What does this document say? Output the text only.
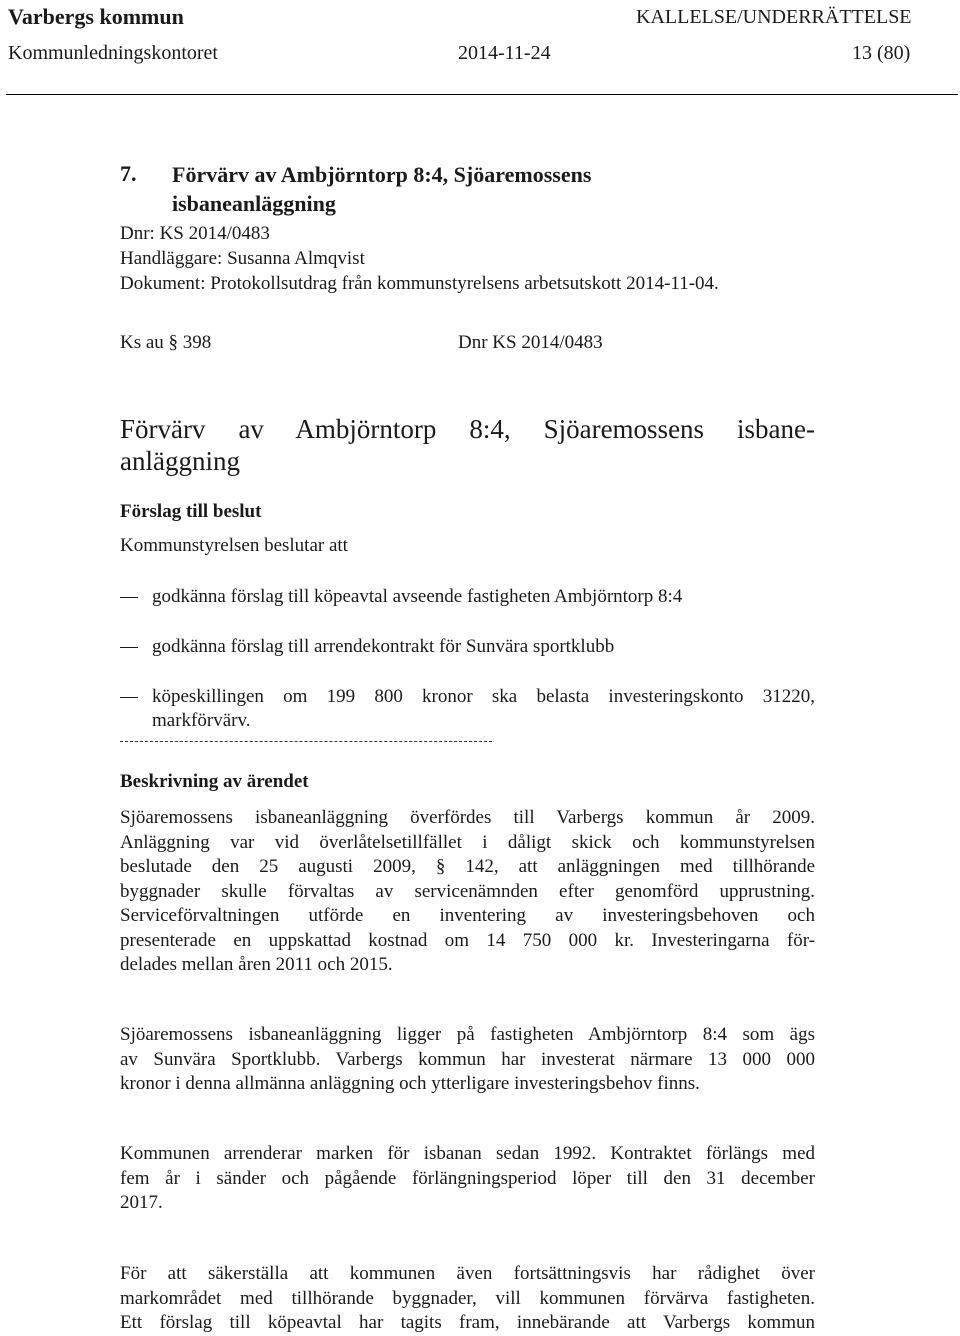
Varbergs kommun	KALLELSE/UNDERRÄTTELSE
Kommunledningskontoret	2014-11-24	13 (80)
7. Förvärv av Ambjörntorp 8:4, Sjöaremossens
isbaneanläggning
Dnr: KS 2014/0483
Handläggare: Susanna Almqvist
Dokument: Protokollsutdrag från kommunstyrelsens arbetsutskott 2014-11-04.
Ks au § 398	Dnr KS 2014/0483
Förvärv av Ambjörntorp 8:4, Sjöaremossens isbane-
anläggning
Förslag till beslut
Kommunstyrelsen beslutar att
godkänna förslag till köpeavtal avseende fastigheten Ambjörntorp 8:4
godkänna förslag till arrendekontrakt för Sunvära sportklubb
köpeskillingen om 199 800 kronor ska belasta investeringskonto 31220,
markförvärv.
Beskrivning av ärendet
Sjöaremossens isbaneanläggning överfördes till Varbergs kommun år 2009.
Anläggning var vid överlåtelsetillfället i dåligt skick och kommunstyrelsen
beslutade den 25 augusti 2009, § 142, att anläggningen med tillhörande
byggnader skulle förvaltas av servicenämnden efter genomförd upprustning.
Serviceförvaltningen utförde en inventering av investeringsbehoven och
presenterade en uppskattad kostnad om 14 750 000 kr. Investeringarna för-
delades mellan åren 2011 och 2015.
Sjöaremossens isbaneanläggning ligger på fastigheten Ambjörntorp 8:4 som ägs
av Sunvära Sportklubb. Varbergs kommun har investerat närmare 13 000 000
kronor i denna allmänna anläggning och ytterligare investeringsbehov finns.
Kommunen arrenderar marken för isbanan sedan 1992. Kontraktet förlängs med
fem år i sänder och pågående förlängningsperiod löper till den 31 december
2017.
För att säkerställa att kommunen även fortsättningsvis har rådighet över
markområdet med tillhörande byggnader, vill kommunen förvärva fastigheten.
Ett förslag till köpeavtal har tagits fram, innebärande att Varbergs kommun
